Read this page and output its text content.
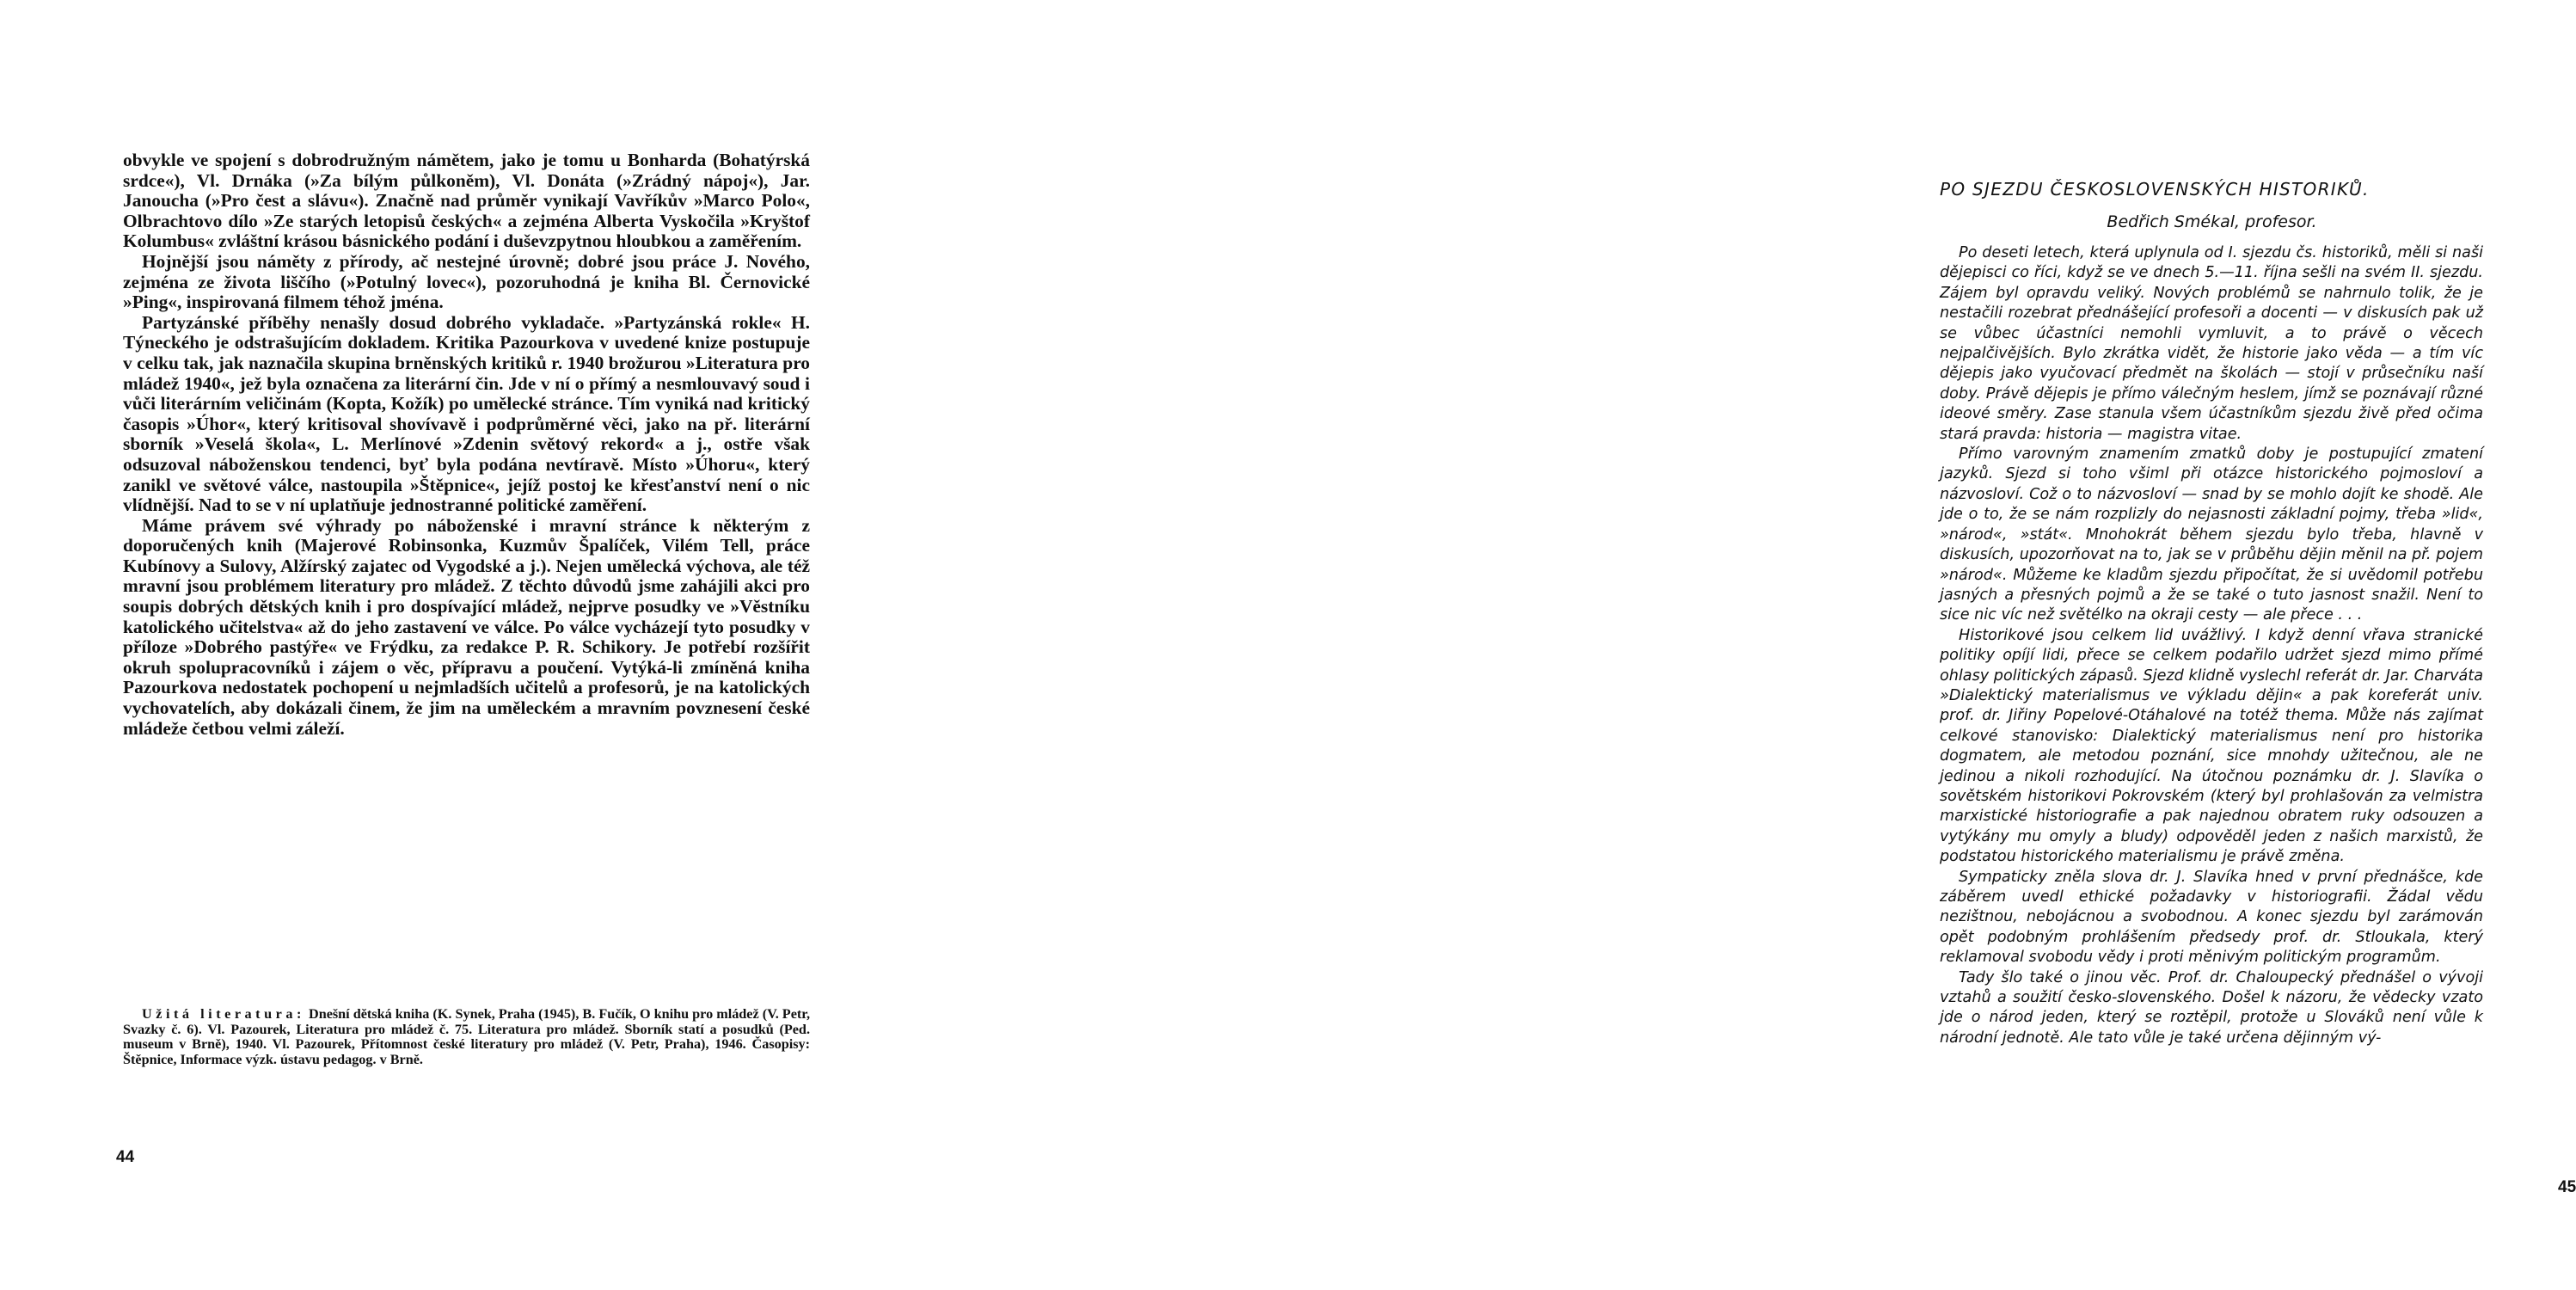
obvykle ve spojení s dobrodružným námětem, jako je tomu u Bonharda (Bohatýrská srdce«), Vl. Drnáka (»Za bílým půlkoněm), Vl. Donáta (»Zrádný nápoj«), Jar. Janoucha (»Pro čest a slávu«). Značně nad průměr vynikají Vavříkův »Marco Polo«, Olbrachtovo dílo »Ze starých letopisů českých« a zejména Alberta Vyskočila »Kryštof Kolumbus« zvláštní krásou básnického podání i duševzpytnou hloubkou a zaměřením.

Hojnější jsou náměty z přírody, ač nestejné úrovně; dobré jsou práce J. Nového, zejména ze života liščího (»Potulný lovec«), pozoruhodná je kniha Bl. Černovické »Ping«, inspirovaná filmem téhož jména.

Partyzánské příběhy nenašly dosud dobrého vykladače. »Partyzánská rokle« H. Týneckého je odstrašujícím dokladem. Kritika Pazourkova v uvedené knize postupuje v celku tak, jak naznačila skupina brněnských kritiků r. 1940 brožurou »Literatura pro mládež 1940«, jež byla označena za literární čin. Jde v ní o přímý a nesmlouvavý soud i vůči literárním veličinám (Kopta, Kožík) po umělecké stránce. Tím vyniká nad kritický časopis »Úhor«, který kritisoval shovívavě i podprůměrné věci, jako na př. literární sborník »Veselá škola«, L. Merlínové »Zdenin světový rekord« a j., ostře však odsuzoval náboženskou tendenci, byť byla podána nevtíravě. Místo »Úhoru«, který zanikl ve světové válce, nastoupila »Štěpnice«, jejíž postoj ke křesťanství není o nic vlídnější. Nad to se v ní uplatňuje jednostranné politické zaměření.

Máme právem své výhrady po náboženské i mravní stránce k některým z doporučených knih (Majerové Robinsonka, Kuzmův Špalíček, Vilém Tell, práce Kubínovy a Sulovy, Alžírský zajatec od Vygodské a j.). Nejen umělecká výchova, ale též mravní jsou problémem literatury pro mládež. Z těchto důvodů jsme zahájili akci pro soupis dobrých dětských knih i pro dospívající mládež, nejprve posudky ve »Věstníku katolického učitelstva« až do jeho zastavení ve válce. Po válce vycházejí tyto posudky v příloze »Dobrého pastýře« ve Frýdku, za redakce P. R. Schikory. Je potřebí rozšířit okruh spolupracovníků i zájem o věc, přípravu a poučení. Vytýká-li zmíněná kniha Pazourkova nedostatek pochopení u nejmladších učitelů a profesorů, je na katolických vychovatelích, aby dokázali činem, že jim na uměleckém a mravním povznesení české mládeže četbou velmi záleží.

Užitá literatura: Dnešní dětská kniha (K. Synek, Praha (1945), B. Fučík, O knihu pro mládež (V. Petr, Svazky č. 6). Vl. Pazourek, Literatura pro mládež č. 75. Literatura pro mládež. Sborník statí a posudků (Ped. museum v Brně), 1940. Vl. Pazourek, Přítomnost české literatury pro mládež (V. Petr, Praha), 1946. Časopisy: Štěpnice, Informace výzk. ústavu pedagog. v Brně.

44
PO SJEZDU ČESKOSLOVENSKÝCH HISTORIKŮ.
Bedřich Smékal, profesor.

Po deseti letech, která uplynula od I. sjezdu čs. historiků, měli si naši dějepisci co říci, když se ve dnech 5.—11. října sešli na svém II. sjezdu. Zájem byl opravdu veliký. Nových problémů se nahrnulo tolik, že je nestačili rozebrat přednášející profesoři a docenti — v diskusích pak už se vůbec účastníci nemohli vymluvit, a to právě o věcech nejpalčivějších. Bylo zkrátka vidět, že historie jako věda — a tím víc dějepis jako vyučovací předmět na školách — stojí v průsečníku naší doby. Právě dějepis je přímo válečným heslem, jímž se poznávají různé ideové směry. Zase stanula všem účastníkům sjezdu živě před očima stará pravda: historia — magistra vitae.

Přímo varovným znamením zmatků doby je postupující zmatení jazyků. Sjezd si toho všiml při otázce historického pojmosloví a názvosloví. Což o to názvosloví — snad by se mohlo dojít ke shodě. Ale jde o to, že se nám rozplizly do nejasnosti základní pojmy, třeba »lid«, »národ«, »stát«. Mnohokrát během sjezdu bylo třeba, hlavně v diskusích, upozorňovat na to, jak se v průběhu dějin měnil na př. pojem »národ«. Můžeme ke kladům sjezdu připočítat, že si uvědomil potřebu jasných a přesných pojmů a že se také o tuto jasnost snažil. Není to sice nic víc než světélko na okraji cesty — ale přece . . .

Historikové jsou celkem lid uvážlivý. I když denní vřava stranické politiky opíjí lidi, přece se celkem podařilo udržet sjezd mimo přímé ohlasy politických zápasů. Sjezd klidně vyslechl referát dr. Jar. Charváta »Dialektický materialismus ve výkladu dějin« a pak koreferát univ. prof. dr. Jiřiny Popelové-Otáhalové na totéž thema. Může nás zajímat celkové stanovisko: Dialektický materialismus není pro historika dogmatem, ale metodou poznání, sice mnohdy užitečnou, ale ne jedinou a nikoli rozhodující. Na útočnou poznámku dr. J. Slavíka o sovětském historikovi Pokrovském (který byl prohlašován za velmistra marxistické historiografie a pak najednou obratem ruky odsouzen a vytýkány mu omyly a bludy) odpověděl jeden z našich marxistů, že podstatou historického materialismu je právě změna.

Sympaticky zněla slova dr. J. Slavíka hned v první přednášce, kde záběrem uvedl ethické požadavky v historiografii. Žádal vědu nezištnou, nebojácnou a svobodnou. A konec sjezdu byl zarámován opět podobným prohlášením předsedy prof. dr. Stloukala, který reklamoval svobodu vědy i proti měnivým politickým programům.

Tady šlo také o jinou věc. Prof. dr. Chaloupecký přednášel o vývoji vztahů a soužití česko-slovenského. Došel k názoru, že vědecky vzato jde o národ jeden, který se roztěpil, protože u Slováků není vůle k národní jednotě. Ale tato vůle je také určena dějinným vý-

45
